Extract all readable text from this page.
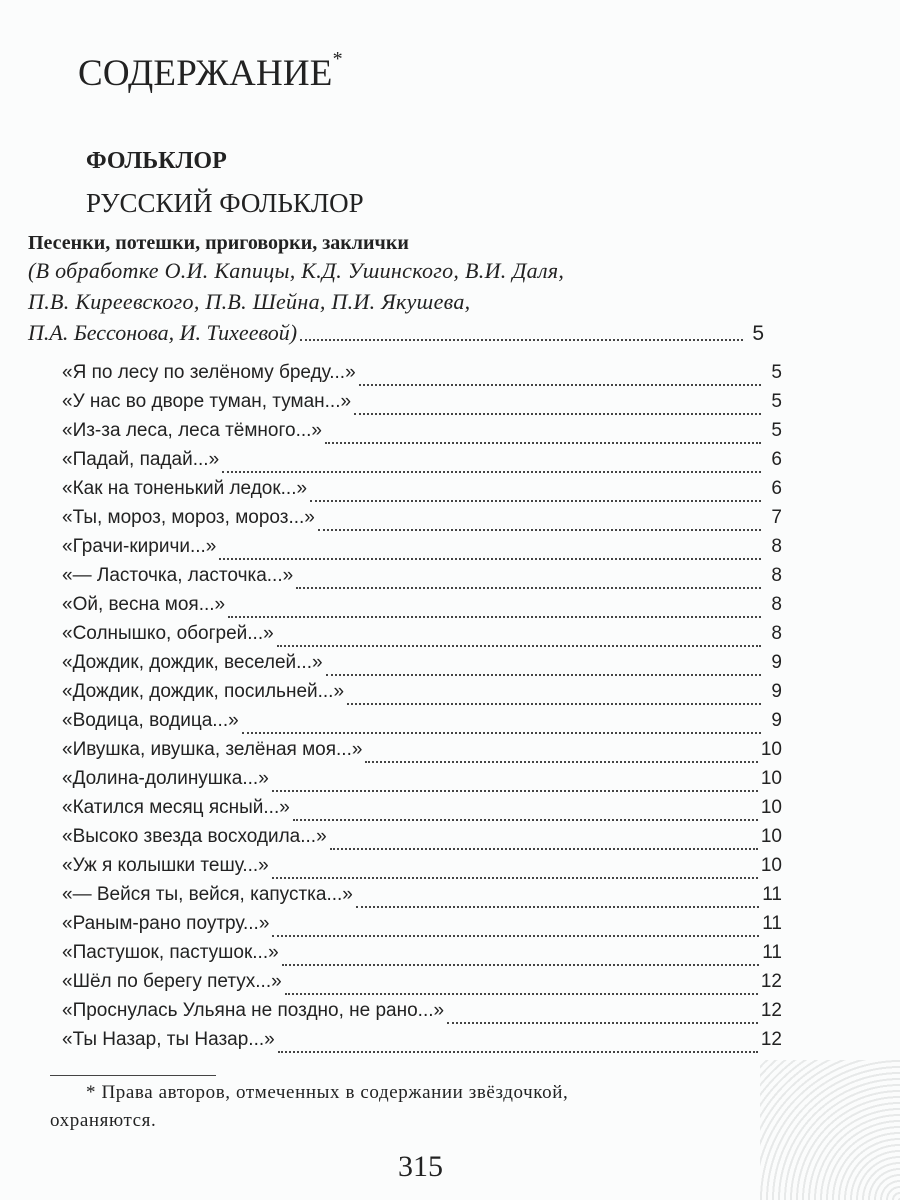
СОДЕРЖАНИЕ*
ФОЛЬКЛОР
РУССКИЙ ФОЛЬКЛОР
Песенки, потешки, приговорки, заклички
(В обработке О.И. Капицы, К.Д. Ушинского, В.И. Даля,
П.В. Киреевского, П.В. Шейна, П.И. Якушева,
П.А. Бессонова, И. Тихеевой)	5
«Я по лесу по зелёному бреду...»	5
«У нас во дворе туман, туман...»	5
«Из-за леса, леса тёмного...»	5
«Падай, падай...»	6
«Как на тоненький ледок...»	6
«Ты, мороз, мороз, мороз...»	7
«Грачи-киричи...»	8
«— Ласточка, ласточка...»	8
«Ой, весна моя...»	8
«Солнышко, обогрей...»	8
«Дождик, дождик, веселей...»	9
«Дождик, дождик, посильней...»	9
«Водица, водица...»	9
«Ивушка, ивушка, зелёная моя...»	10
«Долина-долинушка...»	10
«Катился месяц ясный...»	10
«Высоко звезда восходила...»	10
«Уж я колышки тешу...»	10
«— Вейся ты, вейся, капустка...»	11
«Раным-рано поутру...»	11
«Пастушок, пастушок...»	11
«Шёл по берегу петух...»	12
«Проснулась Ульяна не поздно, не рано...»	12
«Ты Назар, ты Назар...»	12
* Права авторов, отмеченных в содержании звёздочкой,
охраняются.
315
